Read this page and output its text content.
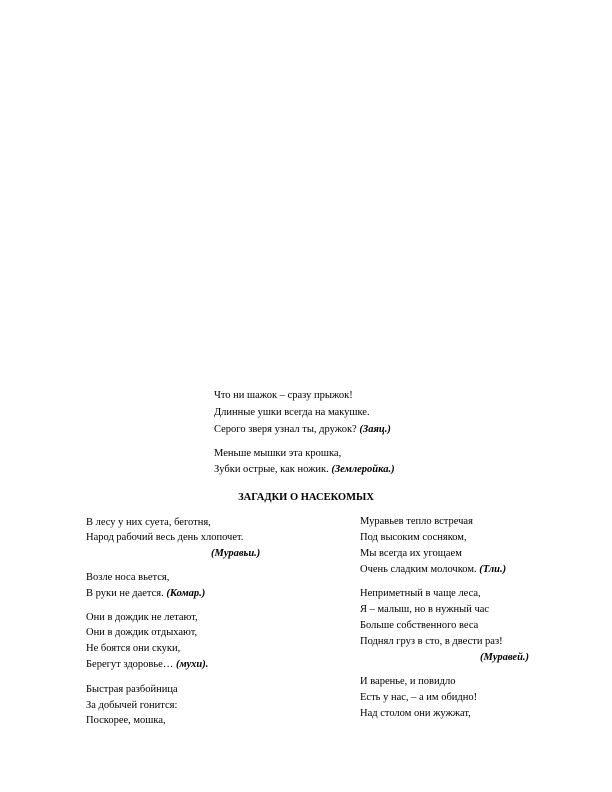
Что ни шажок – сразу прыжок!
Длинные ушки всегда на макушке.
Серого зверя узнал ты, дружок? (Заяц.)
Меньше мышки эта крошка,
Зубки острые, как ножик. (Землеройка.)
ЗАГАДКИ О НАСЕКОМЫХ
В лесу у них суета, беготня,
Народ рабочий весь день хлопочет.
(Муравьи.)
Возле носа вьется,
В руки не дается. (Комар.)
Они в дождик не летают,
Они в дождик отдыхают,
Не боятся они скуки,
Берегут здоровье… (мухи).
Быстрая разбойница
За добычей гонится:
Поскорее, мошка,
Муравьев тепло встречая
Под высоким сосняком,
Мы всегда их угощаем
Очень сладким молочком. (Тли.)
Неприметный в чаще леса,
Я – малыш, но в нужный час
Больше собственного веса
Поднял груз в сто, в двести раз!
(Муравей.)
И варенье, и повидло
Есть у нас, – а им обидно!
Над столом они жужжат,
